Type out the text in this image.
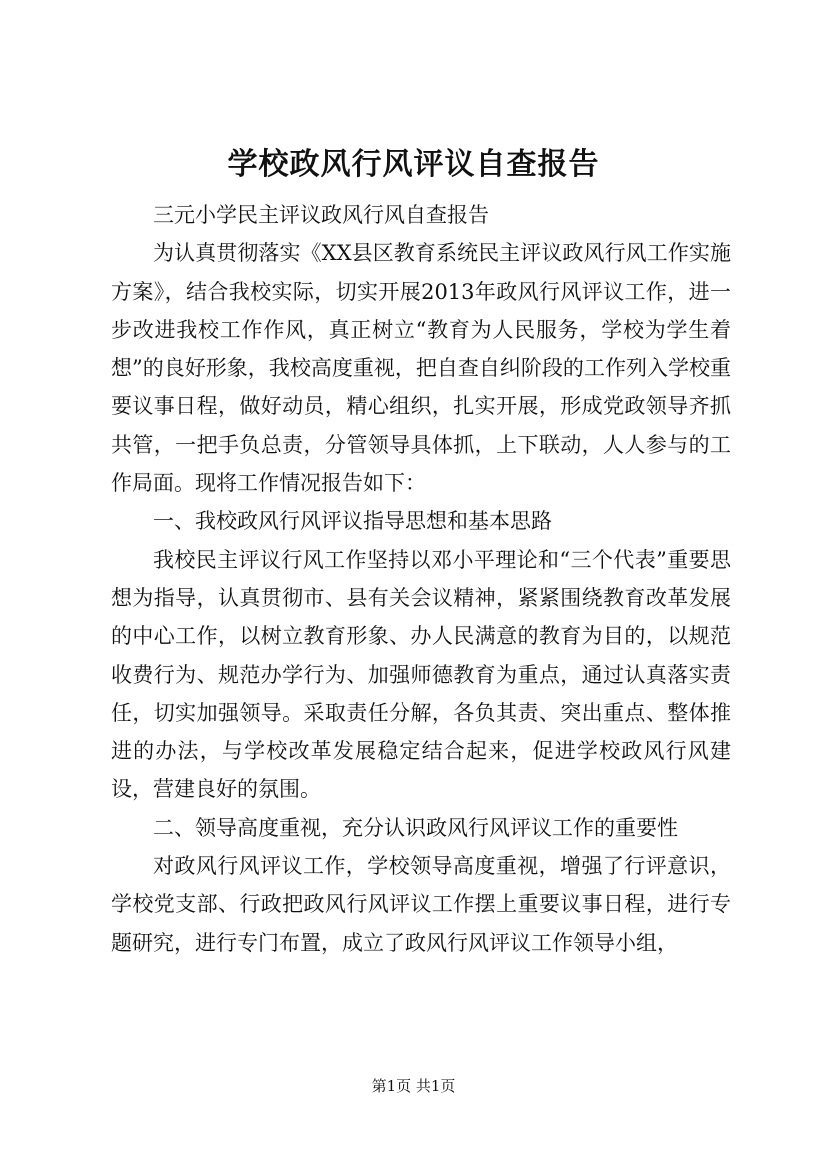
学校政风行风评议自查报告

三元小学民主评议政风行风自查报告

为认真贯彻落实《XX县区教育系统民主评议政风行风工作实施方案》，结合我校实际，切实开展2013年政风行风评议工作，进一步改进我校工作作风，真正树立“教育为人民服务，学校为学生着想”的良好形象，我校高度重视，把自查自纠阶段的工作列入学校重要议事日程，做好动员，精心组织，扎实开展，形成党政领导齐抓共管，一把手负总责，分管领导具体抓，上下联动，人人参与的工作局面。现将工作情况报告如下：

一、我校政风行风评议指导思想和基本思路

我校民主评议行风工作坚持以邓小平理论和“三个代表”重要思想为指导，认真贯彻市、县有关会议精神，紧紧围绕教育改革发展的中心工作，以树立教育形象、办人民满意的教育为目的，以规范收费行为、规范办学行为、加强师德教育为重点，通过认真落实责任，切实加强领导。采取责任分解，各负其责、突出重点、整体推进的办法，与学校改革发展稳定结合起来，促进学校政风行风建设，营建良好的氛围。

二、领导高度重视，充分认识政风行风评议工作的重要性

对政风行风评议工作，学校领导高度重视，增强了行评意识，学校党支部、行政把政风行风评议工作摆上重要议事日程，进行专题研究，进行专门布置，成立了政风行风评议工作领导小组，

第1页 共1页
